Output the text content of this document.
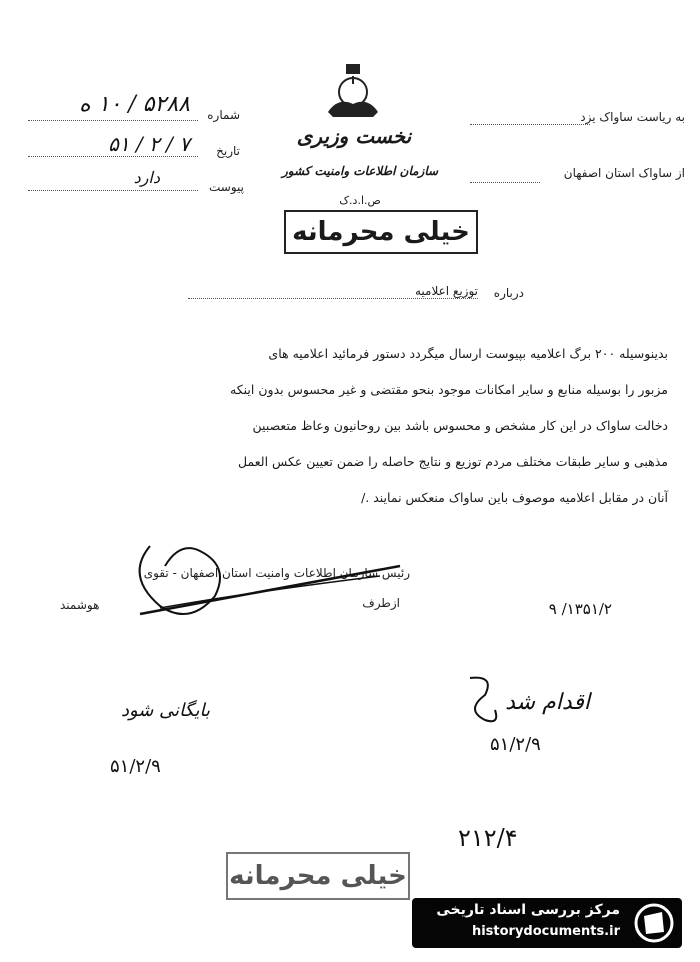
شماره
۵۲۸۸ / ۱۰ ه
تاریخ
۷ / ۲ / ۵۱
پیوست
دارد
نخست وزیری
سازمان اطلاعات وامنیت کشور
ص.ا.د.ک
خیلی محرمانه
به ریاست ساواک یزد
از ساواک استان اصفهان
درباره
توزیع اعلامیه
بدینوسیله ۲۰۰ برگ اعلامیه بپیوست ارسال میگردد دستور فرمائید اعلامیه های
مزبور را بوسیله منابع و سایر امکانات موجود بنحو مقتضی و غیر محسوس بدون اینکه
دخالت ساواک در این کار مشخص و محسوس باشد بین روحانیون وعاظ متعصبین
مذهبی و سایر طبقات مختلف مردم توزیع و نتایج حاصله را ضمن تعیین عکس العمل
آنان در مقابل اعلامیه موصوف باین ساواک منعکس نمایند ./
رئیس سازمان اطلاعات وامنیت استان اصفهان - تقوی
ازطرف
هوشمند	۱۳۵۱/۲/ ۹
اقدام شد
۵۱/۲/۹
بایگانی شود
۵۱/۲/۹
۲۱۲/۴
خیلی محرمانه
مرکز بررسی اسناد تاریخی
historydocuments.ir
